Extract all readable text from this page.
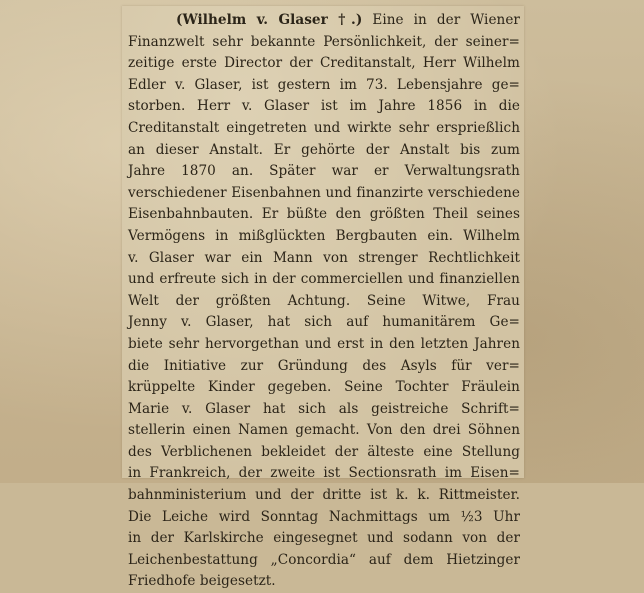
(Wilhelm v. Glaser †.) Eine in der Wiener
Finanzwelt sehr bekannte Persönlichkeit, der seiner=
zeitige erste Director der Creditanstalt, Herr Wilhelm
Edler v. Glaser, ist gestern im 73. Lebensjahre ge=
storben. Herr v. Glaser ist im Jahre 1856 in die
Creditanstalt eingetreten und wirkte sehr ersprießlich
an dieser Anstalt. Er gehörte der Anstalt bis zum
Jahre 1870 an. Später war er Verwaltungsrath
verschiedener Eisenbahnen und finanzirte verschiedene
Eisenbahnbauten. Er büßte den größten Theil seines
Vermögens in mißglückten Bergbauten ein. Wilhelm
v. Glaser war ein Mann von strenger Rechtlichkeit
und erfreute sich in der commerciellen und finanziellen
Welt der größten Achtung. Seine Witwe, Frau
Jenny v. Glaser, hat sich auf humanitärem Ge=
biete sehr hervorgethan und erst in den letzten Jahren
die Initiative zur Gründung des Asyls für ver=
krüppelte Kinder gegeben. Seine Tochter Fräulein
Marie v. Glaser hat sich als geistreiche Schrift=
stellerin einen Namen gemacht. Von den drei Söhnen
des Verblichenen bekleidet der älteste eine Stellung
in Frankreich, der zweite ist Sectionsrath im Eisen=
bahnministerium und der dritte ist k. k. Rittmeister.
Die Leiche wird Sonntag Nachmittags um ½3 Uhr
in der Karlskirche eingesegnet und sodann von der
Leichenbestattung „Concordia“ auf dem Hietzinger
Friedhofe beigesetzt.
